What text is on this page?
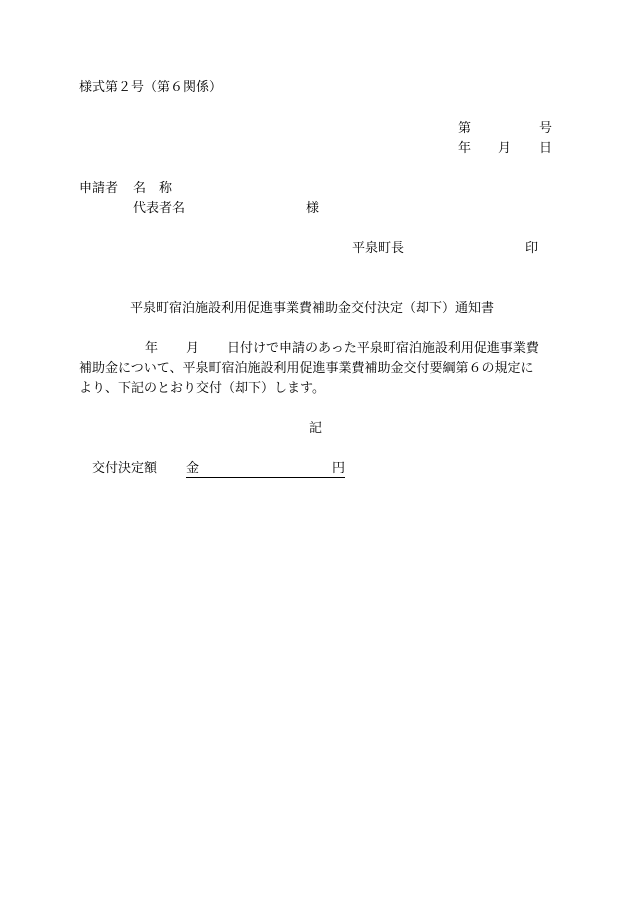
様式第２号（第６関係）
第	号
年 月 日
申請者 名　称
代表者名	様
平泉町長	印
平泉町宿泊施設利用促進事業費補助金交付決定（却下）通知書
年 月 日付けで申請のあった平泉町宿泊施設利用促進事業費
補助金について、平泉町宿泊施設利用促進事業費補助金交付要綱第６の規定に
より、下記のとおり交付（却下）します。
記
交付決定額 金	円
